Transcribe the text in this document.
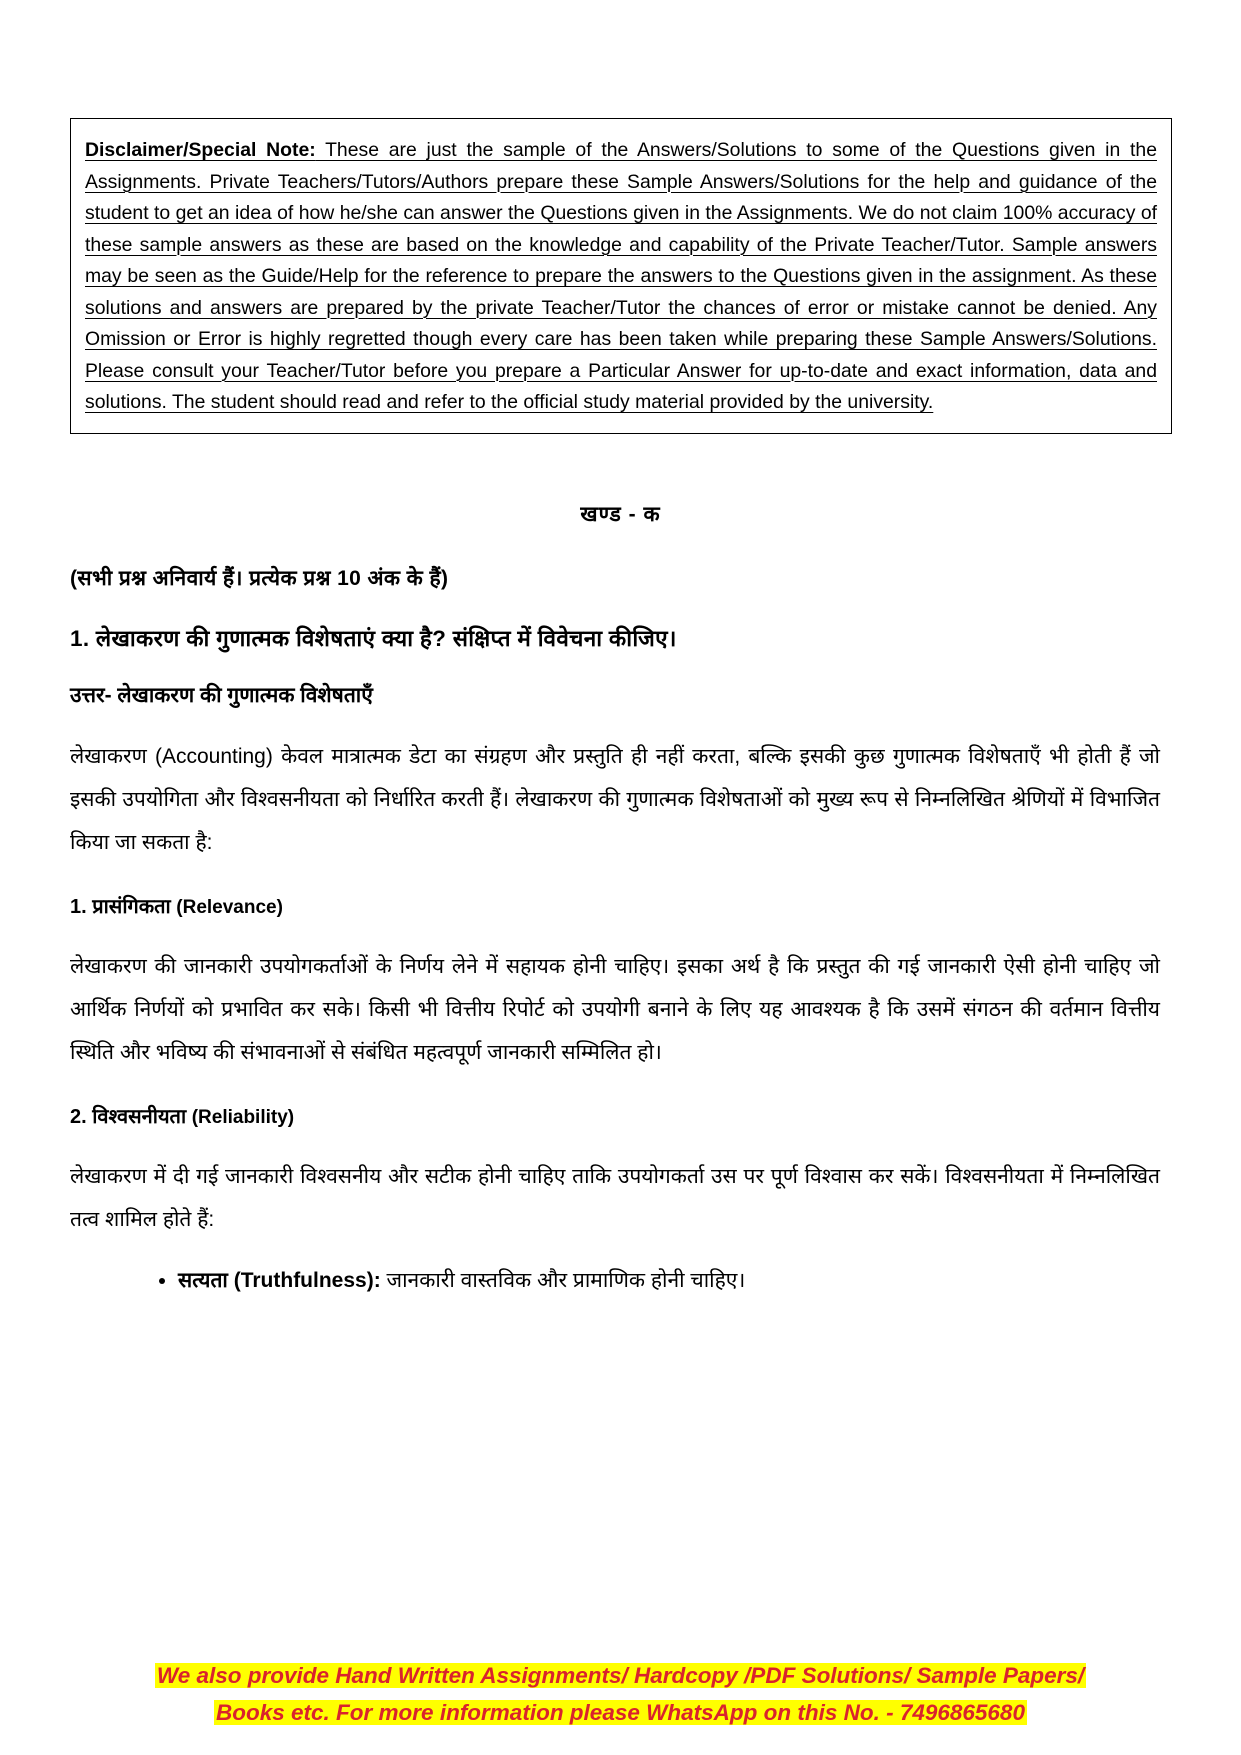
Disclaimer/Special Note: These are just the sample of the Answers/Solutions to some of the Questions given in the Assignments. Private Teachers/Tutors/Authors prepare these Sample Answers/Solutions for the help and guidance of the student to get an idea of how he/she can answer the Questions given in the Assignments. We do not claim 100% accuracy of these sample answers as these are based on the knowledge and capability of the Private Teacher/Tutor. Sample answers may be seen as the Guide/Help for the reference to prepare the answers to the Questions given in the assignment. As these solutions and answers are prepared by the private Teacher/Tutor the chances of error or mistake cannot be denied. Any Omission or Error is highly regretted though every care has been taken while preparing these Sample Answers/Solutions. Please consult your Teacher/Tutor before you prepare a Particular Answer for up-to-date and exact information, data and solutions. The student should read and refer to the official study material provided by the university.
खण्ड - क
(सभी प्रश्न अनिवार्य हैं। प्रत्येक प्रश्न 10 अंक के हैं)
1. लेखाकरण की गुणात्मक विशेषताएं क्या है? संक्षिप्त में विवेचना कीजिए।
उत्तर- लेखाकरण की गुणात्मक विशेषताएँ
लेखाकरण (Accounting) केवल मात्रात्मक डेटा का संग्रहण और प्रस्तुति ही नहीं करता, बल्कि इसकी कुछ गुणात्मक विशेषताएँ भी होती हैं जो इसकी उपयोगिता और विश्वसनीयता को निर्धारित करती हैं। लेखाकरण की गुणात्मक विशेषताओं को मुख्य रूप से निम्नलिखित श्रेणियों में विभाजित किया जा सकता है:
1. प्रासंगिकता (Relevance)
लेखाकरण की जानकारी उपयोगकर्ताओं के निर्णय लेने में सहायक होनी चाहिए। इसका अर्थ है कि प्रस्तुत की गई जानकारी ऐसी होनी चाहिए जो आर्थिक निर्णयों को प्रभावित कर सके। किसी भी वित्तीय रिपोर्ट को उपयोगी बनाने के लिए यह आवश्यक है कि उसमें संगठन की वर्तमान वित्तीय स्थिति और भविष्य की संभावनाओं से संबंधित महत्वपूर्ण जानकारी सम्मिलित हो।
2. विश्वसनीयता (Reliability)
लेखाकरण में दी गई जानकारी विश्वसनीय और सटीक होनी चाहिए ताकि उपयोगकर्ता उस पर पूर्ण विश्वास कर सकें। विश्वसनीयता में निम्नलिखित तत्व शामिल होते हैं:
• सत्यता (Truthfulness): जानकारी वास्तविक और प्रामाणिक होनी चाहिए।
We also provide Hand Written Assignments/ Hardcopy /PDF Solutions/ Sample Papers/
Books etc. For more information please WhatsApp on this No. - 7496865680
